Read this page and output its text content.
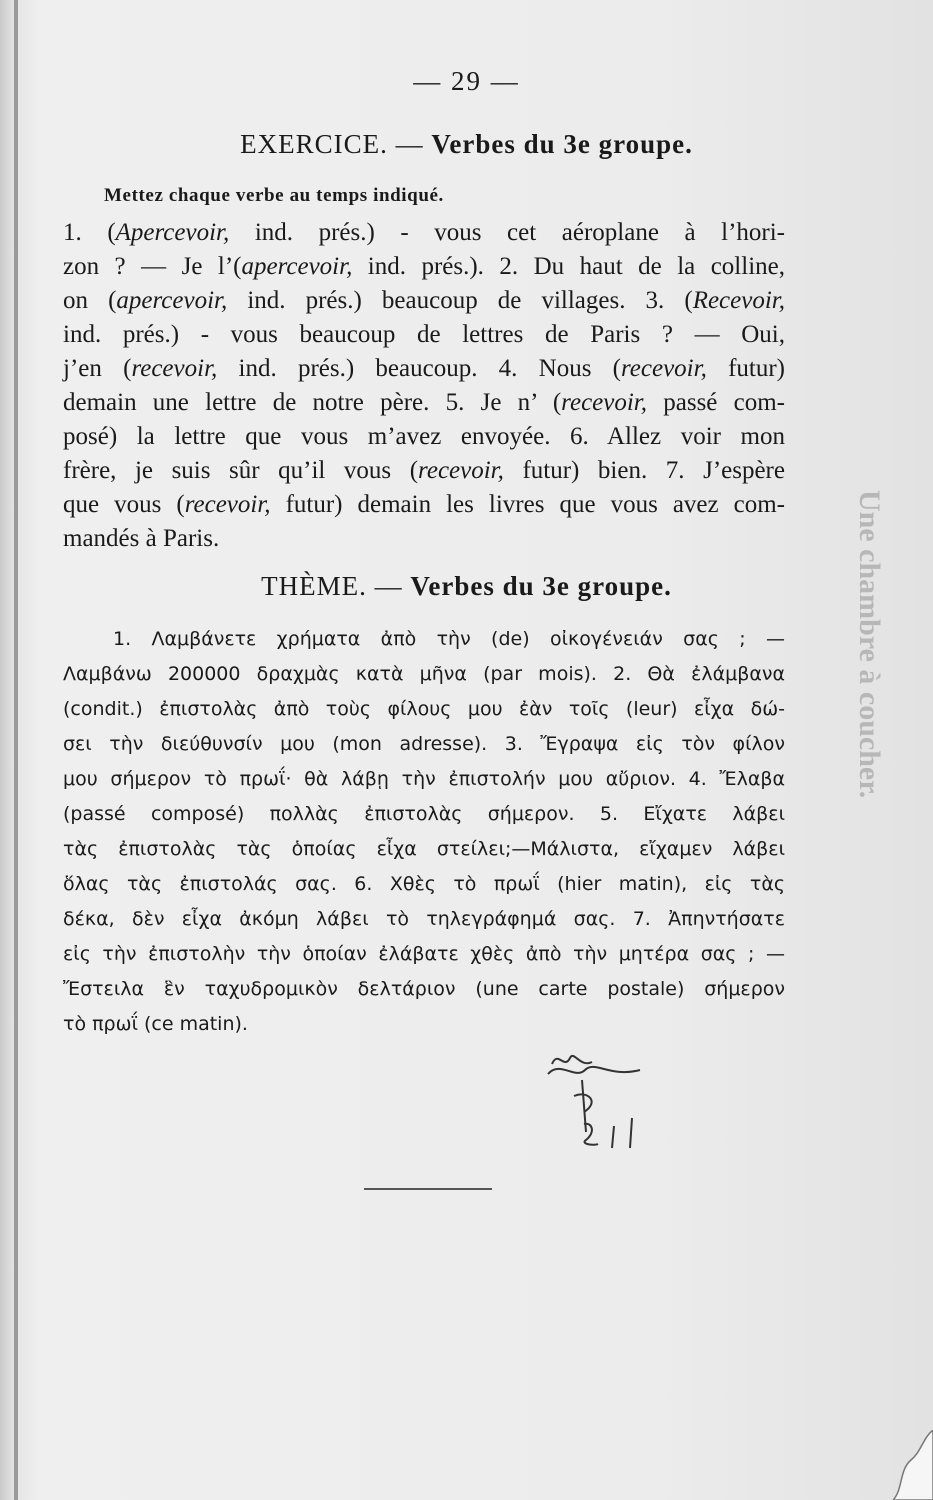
— 29 —
EXERCICE. — Verbes du 3e groupe.
Mettez chaque verbe au temps indiqué.
1. (Apercevoir, ind. prés.) - vous cet aéroplane à l’hori-
zon ? — Je l’(apercevoir, ind. prés.). 2. Du haut de la colline,
on (apercevoir, ind. prés.) beaucoup de villages. 3. (Recevoir,
ind. prés.) - vous beaucoup de lettres de Paris ? — Oui,
j’en (recevoir, ind. prés.) beaucoup. 4. Nous (recevoir, futur)
demain une lettre de notre père. 5. Je n’ (recevoir, passé com-
posé) la lettre que vous m’avez envoyée. 6. Allez voir mon
frère, je suis sûr qu’il vous (recevoir, futur) bien. 7. J’espère
que vous (recevoir, futur) demain les livres que vous avez com-
mandés à Paris.
THÈME. — Verbes du 3e groupe.
1. Λαμβάνετε χρήματα ἀπὸ τὴν (de) οἰκογένειάν σας ; —
Λαμβάνω 200000 δραχμὰς κατὰ μῆνα (par mois). 2. Θὰ ἐλάμβανα
(condit.) ἐπιστολὰς ἀπὸ τοὺς φίλους μου ἐὰν τοῖς (leur) εἶχα δώ-
σει τὴν διεύθυνσίν μου (mon adresse). 3. Ἔγραψα εἰς τὸν φίλον
μου σήμερον τὸ πρωΐ· θὰ λάβῃ τὴν ἐπιστολήν μου αὔριον. 4. Ἔλαβα
(passé composé) πολλὰς ἐπιστολὰς σήμερον. 5. Εἴχατε λάβει
τὰς ἐπιστολὰς τὰς ὁποίας εἶχα στείλει;—Μάλιστα, εἴχαμεν λάβει
ὅλας τὰς ἐπιστολάς σας. 6. Χθὲς τὸ πρωΐ (hier matin), εἰς τὰς
δέκα, δὲν εἶχα ἀκόμη λάβει τὸ τηλεγράφημά σας. 7. Ἀπηντήσατε
εἰς τὴν ἐπιστολὴν τὴν ὁποίαν ἐλάβατε χθὲς ἀπὸ τὴν μητέρα σας ; —
Ἔστειλα ἓν ταχυδρομικὸν δελτάριον (une carte postale) σήμερον
τὸ πρωΐ (ce matin).
Une chambre à coucher.
